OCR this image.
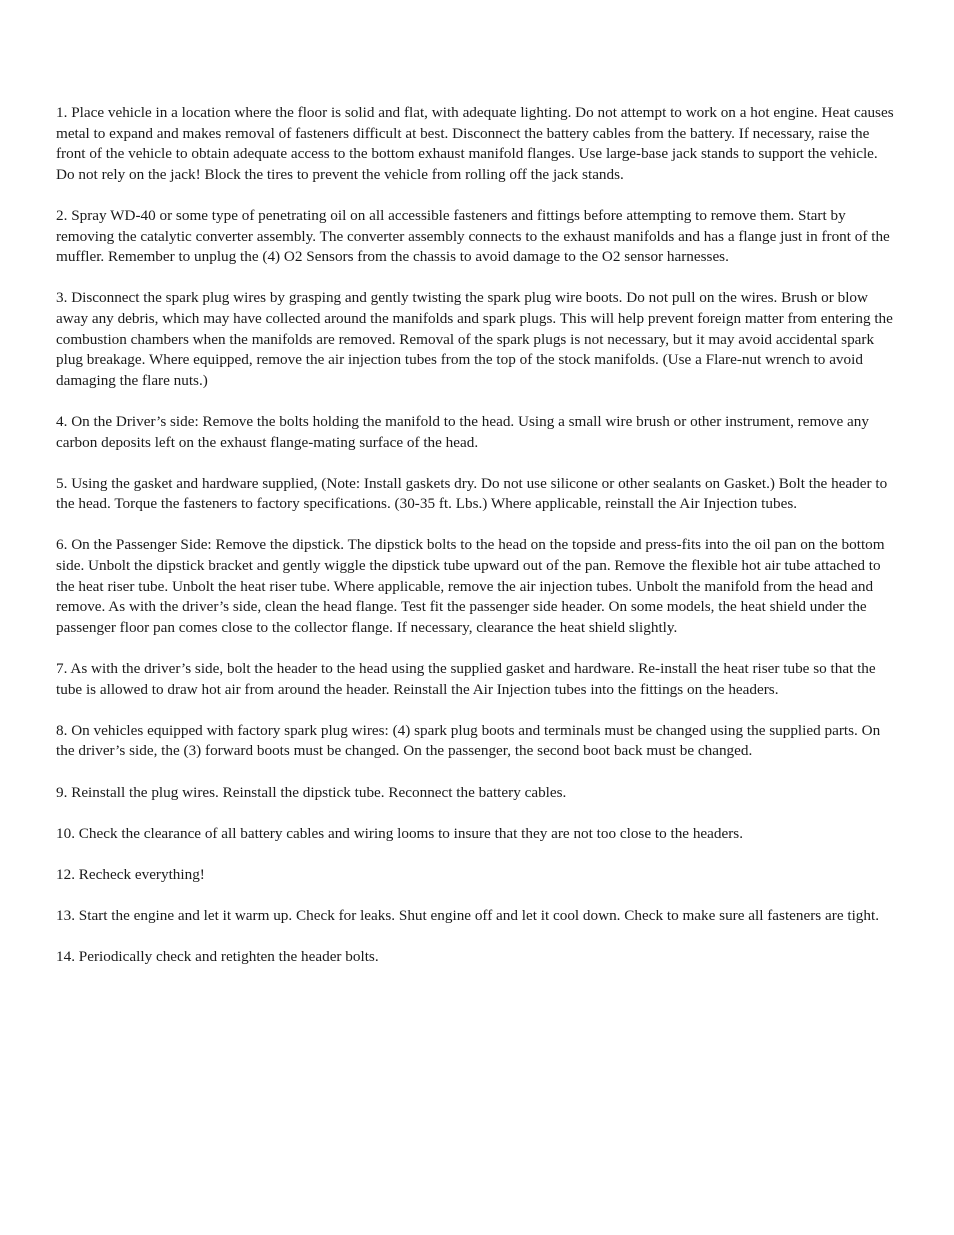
1. Place vehicle in a location where the floor is solid and flat, with adequate lighting. Do not attempt to work on a hot engine. Heat causes metal to expand and makes removal of fasteners difficult at best. Disconnect the battery cables from the battery. If necessary, raise the front of the vehicle to obtain adequate access to the bottom exhaust manifold flanges. Use large-base jack stands to support the vehicle. Do not rely on the jack! Block the tires to prevent the vehicle from rolling off the jack stands.

2. Spray WD-40 or some type of penetrating oil on all accessible fasteners and fittings before attempting to remove them. Start by removing the catalytic converter assembly. The converter assembly connects to the exhaust manifolds and has a flange just in front of the muffler. Remember to unplug the (4) O2 Sensors from the chassis to avoid damage to the O2 sensor harnesses.

3. Disconnect the spark plug wires by grasping and gently twisting the spark plug wire boots. Do not pull on the wires. Brush or blow away any debris, which may have collected around the manifolds and spark plugs. This will help prevent foreign matter from entering the combustion chambers when the manifolds are removed. Removal of the spark plugs is not necessary, but it may avoid accidental spark plug breakage. Where equipped, remove the air injection tubes from the top of the stock manifolds. (Use a Flare-nut wrench to avoid damaging the flare nuts.)

4. On the Driver’s side: Remove the bolts holding the manifold to the head. Using a small wire brush or other instrument, remove any carbon deposits left on the exhaust flange-mating surface of the head.

5. Using the gasket and hardware supplied, (Note: Install gaskets dry. Do not use silicone or other sealants on Gasket.) Bolt the header to the head. Torque the fasteners to factory specifications. (30-35 ft. Lbs.) Where applicable, reinstall the Air Injection tubes.

6. On the Passenger Side: Remove the dipstick. The dipstick bolts to the head on the topside and press-fits into the oil pan on the bottom side. Unbolt the dipstick bracket and gently wiggle the dipstick tube upward out of the pan. Remove the flexible hot air tube attached to the heat riser tube. Unbolt the heat riser tube. Where applicable, remove the air injection tubes. Unbolt the manifold from the head and remove. As with the driver’s side, clean the head flange. Test fit the passenger side header. On some models, the heat shield under the passenger floor pan comes close to the collector flange. If necessary, clearance the heat shield slightly.

7. As with the driver’s side, bolt the header to the head using the supplied gasket and hardware. Re-install the heat riser tube so that the tube is allowed to draw hot air from around the header. Reinstall the Air Injection tubes into the fittings on the headers.

8. On vehicles equipped with factory spark plug wires: (4) spark plug boots and terminals must be changed using the supplied parts. On the driver’s side, the (3) forward boots must be changed. On the passenger, the second boot back must be changed.

9. Reinstall the plug wires. Reinstall the dipstick tube. Reconnect the battery cables.

10. Check the clearance of all battery cables and wiring looms to insure that they are not too close to the headers.

12. Recheck everything!

13. Start the engine and let it warm up. Check for leaks. Shut engine off and let it cool down. Check to make sure all fasteners are tight.

14. Periodically check and retighten the header bolts.
